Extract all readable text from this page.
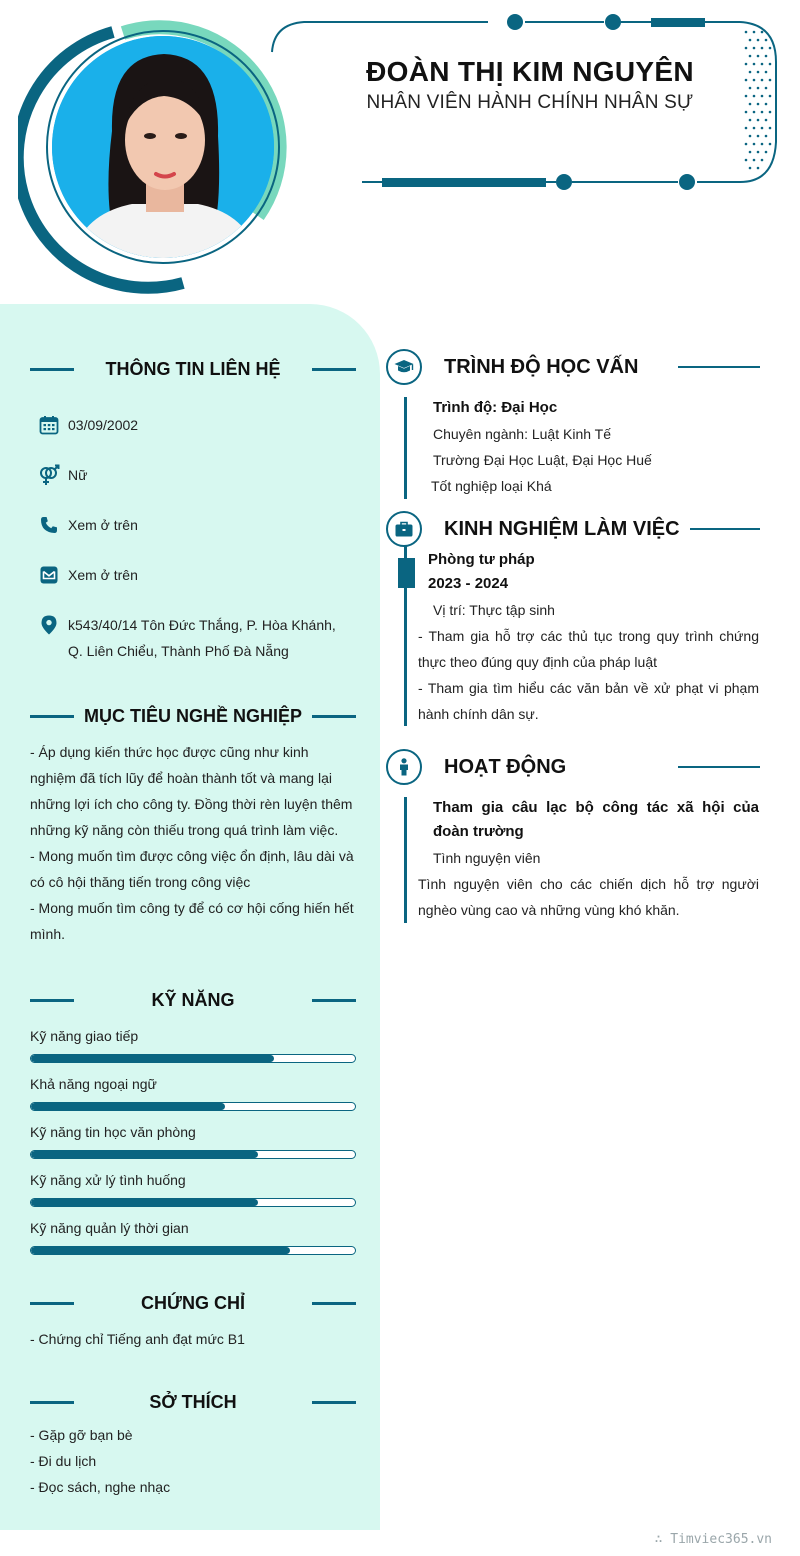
ĐOÀN THỊ KIM NGUYÊN
NHÂN VIÊN HÀNH CHÍNH NHÂN SỰ
THÔNG TIN LIÊN HỆ
03/09/2002
Nữ
Xem ở trên
Xem ở trên
k543/40/14 Tôn Đức Thắng, P. Hòa Khánh,
Q. Liên Chiểu, Thành Phố Đà Nẵng
MỤC TIÊU NGHỀ NGHIỆP
- Áp dụng kiến thức học được cũng như kinh nghiệm đã tích lũy để hoàn thành tốt và mang lại những lợi ích cho công ty. Đồng thời rèn luyện thêm những kỹ năng còn thiếu trong quá trình làm việc.
- Mong muốn tìm được công việc ổn định, lâu dài và có cô hội thăng tiến trong công việc
- Mong muốn tìm công ty để có cơ hội cống hiến hết mình.
KỸ NĂNG
Kỹ năng giao tiếp
Khả năng ngoại ngữ
Kỹ năng tin học văn phòng
Kỹ năng xử lý tình huống
Kỹ năng quản lý thời gian
CHỨNG CHỈ
- Chứng chỉ Tiếng anh đạt mức B1
SỞ THÍCH
- Gặp gỡ bạn bè
- Đi du lịch
- Đọc sách, nghe nhạc
TRÌNH ĐỘ HỌC VẤN
Trình độ: Đại Học
Chuyên ngành: Luật Kinh Tế
Trường Đại Học Luật, Đại Học Huế
Tốt nghiệp loại Khá
KINH NGHIỆM LÀM VIỆC
Phòng tư pháp
2023 - 2024
Vị trí: Thực tập sinh
- Tham gia hỗ trợ các thủ tục trong quy trình chứng thực theo đúng quy định của pháp luật
- Tham gia tìm hiểu các văn bản về xử phạt vi phạm hành chính dân sự.
HOẠT ĐỘNG
Tham gia câu lạc bộ công tác xã hội của đoàn trường
Tình nguyện viên
Tình nguyện viên cho các chiến dịch hỗ trợ người nghèo vùng cao và những vùng khó khăn.
∴ Timviec365.vn
